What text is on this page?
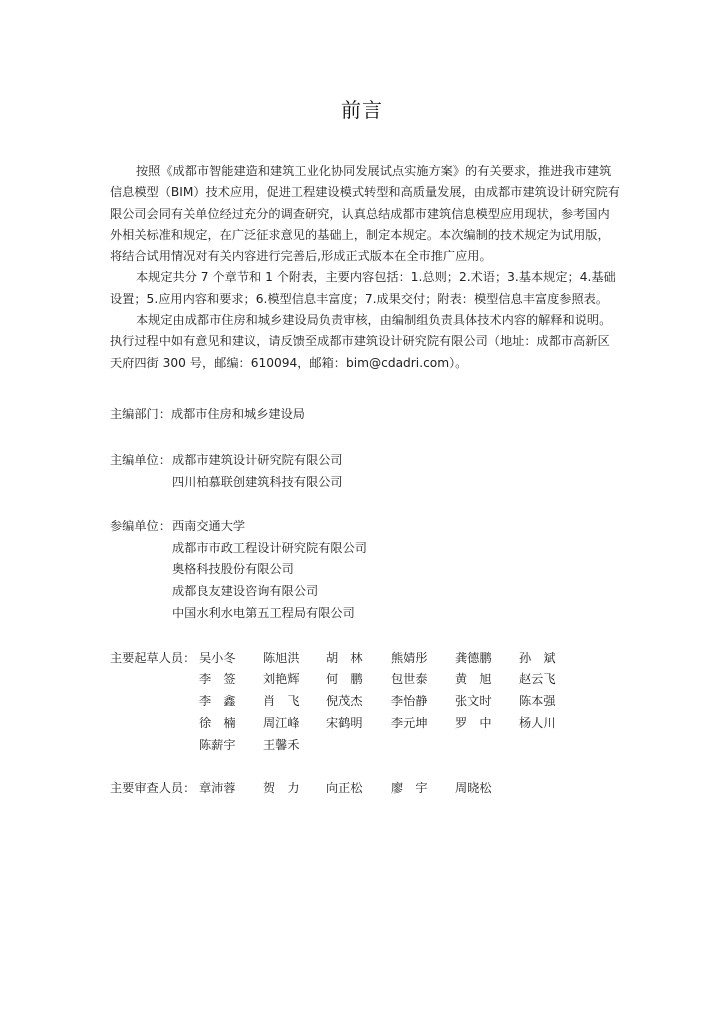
前言

按照《成都市智能建造和建筑工业化协同发展试点实施方案》的有关要求，推进我市建筑信息模型（BIM）技术应用，促进工程建设模式转型和高质量发展，由成都市建筑设计研究院有限公司会同有关单位经过充分的调查研究，认真总结成都市建筑信息模型应用现状，参考国内外相关标准和规定，在广泛征求意见的基础上，制定本规定。本次编制的技术规定为试用版，将结合试用情况对有关内容进行完善后,形成正式版本在全市推广应用。

本规定共分 7 个章节和 1 个附表，主要内容包括：1.总则；2.术语；3.基本规定；4.基础设置；5.应用内容和要求；6.模型信息丰富度；7.成果交付；附表：模型信息丰富度参照表。

本规定由成都市住房和城乡建设局负责审核，由编制组负责具体技术内容的解释和说明。执行过程中如有意见和建议，请反馈至成都市建筑设计研究院有限公司（地址：成都市高新区天府四街 300 号，邮编：610094，邮箱：bim@cdadri.com）。

主编部门：成都市住房和城乡建设局
主编单位： 成都市建筑设计研究院有限公司
四川柏慕联创建筑科技有限公司
参编单位： 西南交通大学
成都市市政工程设计研究院有限公司
奥格科技股份有限公司
成都良友建设咨询有限公司
中国水利水电第五工程局有限公司
主要起草人员： 吴小冬 陈旭洪 胡　林 熊婧彤 龚德鹏 孙　斌
李　签 刘艳辉 何　鹏 包世泰 黄　旭 赵云飞
李　鑫 肖　飞 倪茂杰 李怡静 张文时 陈本强
徐　楠 周江峰 宋鹤明 李元坤 罗　中 杨人川
陈薪宇 王馨禾
主要审查人员： 章沛蓉 贺　力 向正松 廖　宇 周晓松
